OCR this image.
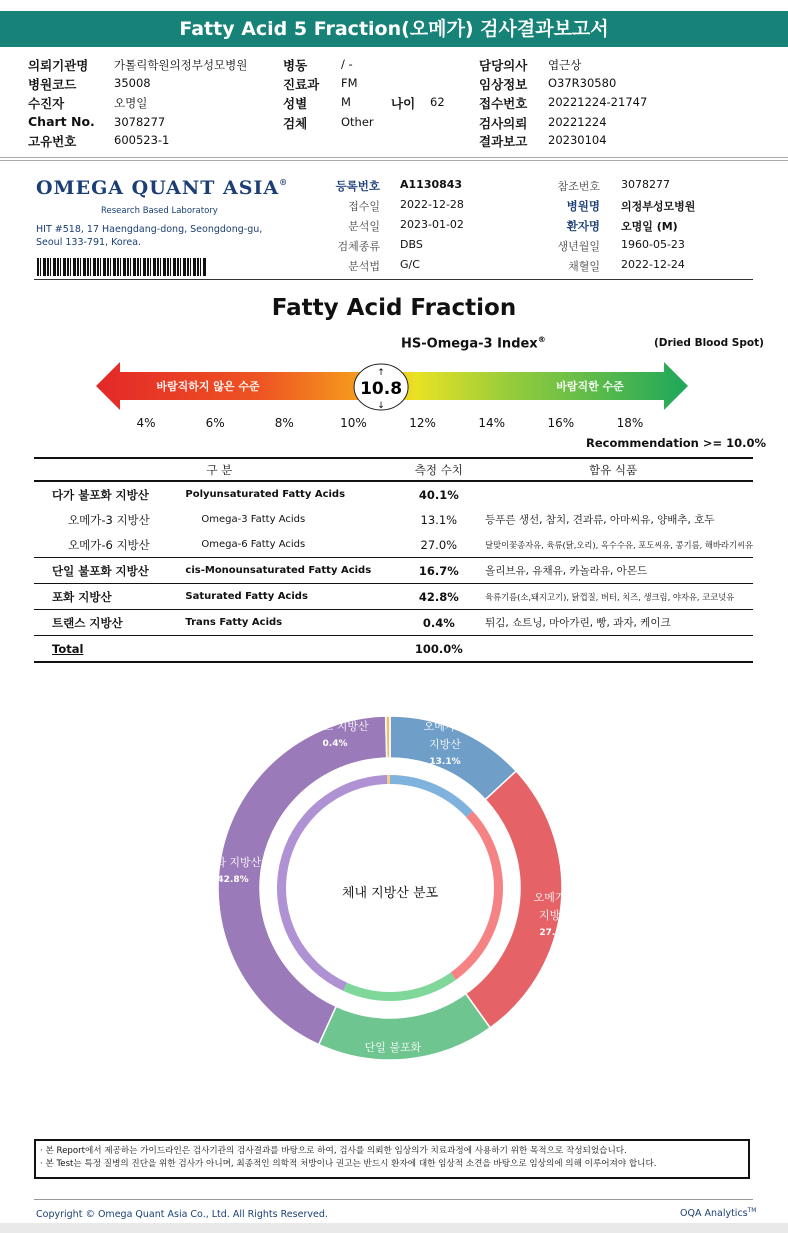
Fatty Acid 5 Fraction(오메가) 검사결과보고서
의뢰기관명 가톨릭학원의정부성모병원
병원코드	35008
수진자	오명일
Chart No. 3078277
고유번호	600523-1
병동	/ -
진료과 FM
성별	M
검체	Other
나이 62
담당의사 엽근상
임상정보 O37R30580
접수번호 20221224-21747
검사의뢰 20221224
결과보고 20230104
OMEGA QUANT ASIA®
Research Based Laboratory
HIT #518, 17 Haengdang-dong, Seongdong-gu,
Seoul 133-791, Korea.
등록번호 A1130843
접수일 2022-12-28
분석일 2023-01-02
검체종류 DBS
분석법 G/C
참조번호 3078277
병원명 의정부성모병원
환자명 오명일 (M)
생년월일 1960-05-23
채혈일 2022-12-24
Fatty Acid Fraction
HS-Omega-3 Index®	(Dried Blood Spot)
바람직하지 않은 수준	바람직한 수준
10.8
↑
↓
4%	6%	8%	10%	12%	14%	16%	18%
Recommendation >= 10.0%
구 분		측정 수치	함유 식품
다가 불포화 지방산	Polyunsaturated Fatty Acids	40.1%	
오메가-3 지방산	Omega-3 Fatty Acids	13.1%	등푸른 생선, 참치, 견과류, 아마씨유, 양배추, 호두
오메가-6 지방산	Omega-6 Fatty Acids	27.0%	달맞이꽃종자유, 육류(닭,오리), 옥수수유, 포도씨유, 콩기름, 해바라기씨유
단일 불포화 지방산	cis-Monounsaturated Fatty Acids	16.7%	올리브유, 유채유, 카놀라유, 아몬드
포화 지방산	Saturated Fatty Acids	42.8%	육류기름(소,돼지고기), 닭껍질, 버터, 치즈, 생크림, 야자유, 코코넛유
트랜스 지방산	Trans Fatty Acids	0.4%	튀김, 쇼트닝, 마아가린, 빵, 과자, 케이크
Total		100.0%	
체내 지방산 분포
오메가-3
지방산
13.1%
오메가-6
지방산
27.0%
단일 불포화
지방산
16.7%
포화 지방산
42.8%
트랜스 지방산
0.4%
· 본 Report에서 제공하는 가이드라인은 검사기관의 검사결과를 바탕으로 하여, 검사를 의뢰한 임상의가 치료과정에 사용하기 위한 목적으로 작성되었습니다.
· 본 Test는 특정 질병의 진단을 위한 검사가 아니며, 최종적인 의학적 처방이나 권고는 반드시 환자에 대한 임상적 소견을 바탕으로 임상의에 의해 이루어져야 합니다.
Copyright © Omega Quant Asia Co., Ltd. All Rights Reserved.	OQA Analytics™
